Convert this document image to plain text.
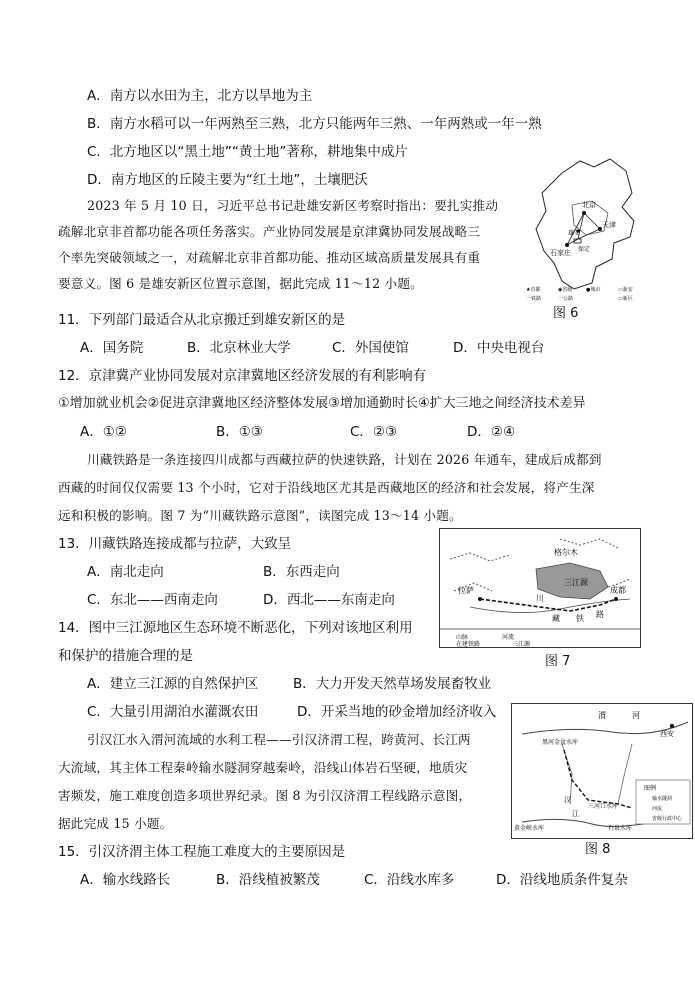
A．南方以水田为主，北方以旱地为主
B．南方水稻可以一年两熟至三熟，北方只能两年三熟、一年两熟或一年一熟
C．北方地区以“黑土地”“黄土地”著称，耕地集中成片
D．南方地区的丘陵主要为“红土地”，土壤肥沃
2023 年 5 月 10 日，习近平总书记赴雄安新区考察时指出：要扎实推动
疏解北京非首都功能各项任务落实。产业协同发展是京津冀协同发展战略三
个率先突破领域之一，对疏解北京非首都功能、推动区域高质量发展具有重
要意义。图 6 是雄安新区位置示意图，据此完成 11～12 小题。
北京
雄安
天津
保定
石家庄
★首都	◉省级	●城市	▭新安
一铁路	一公路	▭新区
图 6
11．下列部门最适合从北京搬迁到雄安新区的是
A．国务院	B．北京林业大学	C．外国使馆	D．中央电视台
12．京津冀产业协同发展对京津冀地区经济发展的有利影响有
①增加就业机会②促进京津冀地区经济整体发展③增加通勤时长④扩大三地之间经济技术差异
A．①②	B．①③	C．②③	D．②④
川藏铁路是一条连接四川成都与西藏拉萨的快速铁路，计划在 2026 年通车，建成后成都到
西藏的时间仅仅需要 13 个小时，它对于沿线地区尤其是西藏地区的经济和社会发展，将产生深
远和积极的影响。图 7 为“川藏铁路示意图”，读图完成 13～14 小题。
格尔木
三江源
拉萨
川
藏 铁 路
成都
山脉	河流
在建铁路	三江源
图 7
13．川藏铁路连接成都与拉萨，大致呈
A．南北走向	B．东西走向
C．东北——西南走向	D．西北——东南走向
14．图中三江源地区生态环境不断恶化，下列对该地区利用
和保护的措施合理的是
A．建立三江源的自然保护区	B．大力开发天然草场发展畜牧业
C．大量引用湖泊水灌溉农田	D．开采当地的砂金增加经济收入
引汉江水入渭河流域的水利工程——引汉济渭工程，跨黄河、长江两
大流域，其主体工程秦岭输水隧洞穿越秦岭，沿线山体岩石坚硬，地质灾
害频发，施工难度创造多项世界纪录。图 8 为引汉济渭工程线路示意图，
据此完成 15 小题。
渭	河
西安
黑河金盆水库
三河口水库
黄金峡水库
汉
江
石泉水库
图例
输水隧洞
河流
省级行政中心
图 8
15．引汉济渭主体工程施工难度大的主要原因是
A．输水线路长	B．沿线植被繁茂	C．沿线水库多	D．沿线地质条件复杂
